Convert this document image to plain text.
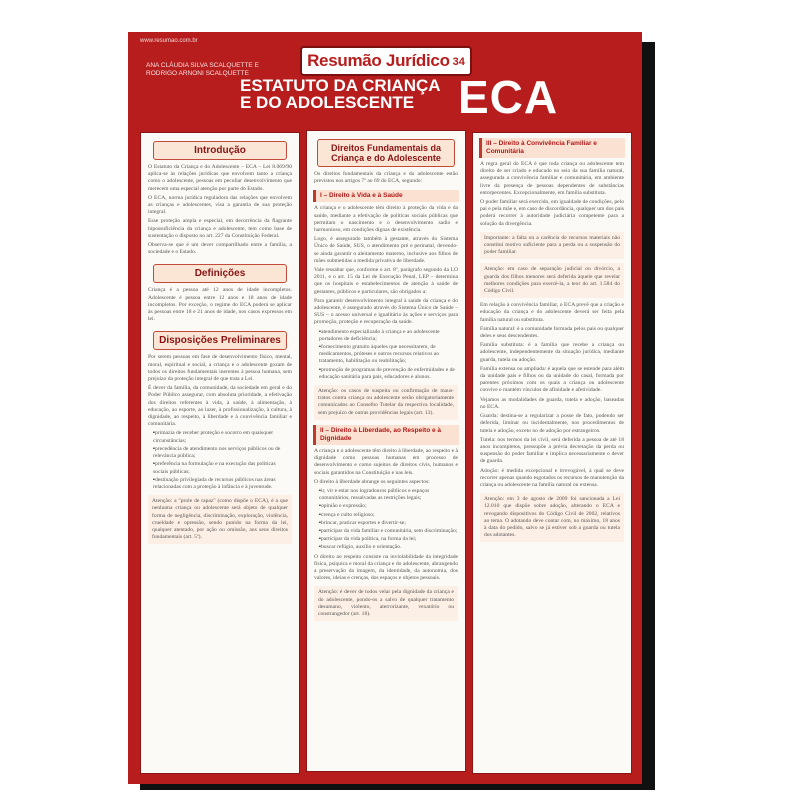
www.resumao.com.br
Resumão Jurídico 34
ANA CLÁUDIA SILVA SCALQUETTE E
RODRIGO ARNONI SCALQUETTE
ESTATUTO DA CRIANÇA
E DO ADOLESCENTE ECA
Introdução
O Estatuto da Criança e do Adolescente – ECA – Lei 8.069/90 aplica-se às relações jurídicas que envolvem tanto a criança como o adolescente, pessoas em peculiar desenvolvimento que merecem uma especial atenção por parte do Estado.
O ECA, norma jurídica reguladora das relações que envolvem as crianças e adolescentes, visa a garantia de sua proteção integral.
Esse proteção ampla e especial, em decorrência da flagrante hipossuficiência da criança e adolescente, tem como base de sustentação o disposto no art. 227 da Constituição Federal.
Observa-se que é um dever compartilhado entre a família, a sociedade e o Estado.
Definições
Criança é a pessoa até 12 anos de idade incompletos. Adolescente é pessoa entre 12 anos e 18 anos de idade incompletos. Por exceção, o regime do ECA poderá se aplicar às pessoas entre 18 e 21 anos de idade, nos casos expressos em lei.
Disposições Preliminares
Por serem pessoas em fase de desenvolvimento físico, mental, moral, espiritual e social, a criança e o adolescente gozam de todos os direitos fundamentais inerentes à pessoa humana, sem prejuízo da proteção integral de que trata a Lei.
É dever da família, da comunidade, da sociedade em geral e do Poder Público assegurar, com absoluta prioridade, a efetivação dos direitos referentes à vida, à saúde, à alimentação, à educação, ao esporte, ao lazer, à profissionalização, à cultura, à dignidade, ao respeito, à liberdade e à convivência familiar e comunitária.
▪ primazia de receber proteção e socorro em quaisquer circunstâncias;
▪ precedência de atendimento nos serviços públicos ou de relevância pública;
▪ preferência na formulação e na execução das políticas sociais públicas;
▪ destinação privilegiada de recursos públicos nas áreas relacionadas com a proteção à infância e à juventude.
Atenção: a "prole de rapaz" (como dispõe o ECA), é a que nenhuma criança ou adolescente será objeto de qualquer forma de negligência, discriminação, exploração, violência, crueldade e opressão, sendo punido na forma da lei, qualquer atentado, por ação ou omissão, aos seus direitos fundamentais (art. 5º).
Direitos Fundamentais da Criança e do Adolescente
Os direitos fundamentais da criança e do adolescente estão previstos nos artigos 7º ao 69 do ECA, segundo:
I – Direito à Vida e à Saúde
A criança e o adolescente têm direito à proteção da vida e da saúde, mediante a efetivação de políticas sociais públicas que permitam o nascimento e o desenvolvimento sadio e harmonioso, em condições dignas de existência.
Logo, é assegurado também à gestante, através do Sistema Único de Saúde, SUS, o atendimento pré e perinatal, devendo-se ainda garantir o aleitamento materno, inclusive aos filhos de mães submetidas a medida privativa de liberdade.
Vale ressaltar que, conforme o art. 8º, parágrafo segundo da LO 2011, e o art. 15 da Lei de Execução Penal, LEP – determina que os hospitais e estabelecimentos de atenção à saúde de gestantes, públicos e particulares, são obrigados a:
Para garantir desenvolvimento integral à saúde da criança e do adolescente, é assegurado através do Sistema Único de Saúde – SUS – o acesso universal e igualitário às ações e serviços para promoção, proteção e recuperação da saúde.
▪ atendimento especializado à criança e ao adolescente portadores de deficiência;
▪ fornecimento gratuito àqueles que necessitarem, de medicamentos, próteses e outros recursos relativos ao tratamento, habilitação ou reabilitação;
▪ promoção de programas de prevenção de enfermidades e de educação sanitária para pais, educadores e alunos.
Atenção: os casos de suspeita ou confirmação de maus-tratos contra criança ou adolescente serão obrigatoriamente comunicados ao Conselho Tutelar da respectiva localidade, sem prejuízo de outras providências legais (art. 13).
II – Direito à Liberdade, ao Respeito e à Dignidade
A criança e o adolescente têm direito à liberdade, ao respeito e à dignidade como pessoas humanas em processo de desenvolvimento e como sujeitos de direitos civis, humanos e sociais garantidos na Constituição e nas leis.
O direito à liberdade abrange os seguintes aspectos:
▪ ir, vir e estar nos logradouros públicos e espaços comunitários, ressalvadas as restrições legais;
▪ opinião e expressão;
▪ crença e culto religioso;
▪ brincar, praticar esportes e divertir-se;
▪ participar da vida familiar e comunitária, sem discriminação;
▪ participar da vida política, na forma da lei;
▪ buscar refúgio, auxílio e orientação.
O direito ao respeito consiste na inviolabilidade da integridade física, psíquica e moral da criança e do adolescente, abrangendo a preservação da imagem, da identidade, da autonomia, dos valores, ideias e crenças, dos espaços e objetos pessoais.
Atenção: é dever de todos velar pela dignidade da criança e do adolescente, pondo-os a salvo de qualquer tratamento desumano, violento, aterrorizante, vexatório ou constrangedor (art. 18).
III – Direito à Convivência Familiar e Comunitária
A regra geral do ECA é que toda criança ou adolescente tem direito de ser criado e educado no seio da sua família natural, assegurada a convivência familiar e comunitária, em ambiente livre da presença de pessoas dependentes de substâncias entorpecentes. Excepcionalmente, em família substituta.
O poder familiar será exercido, em igualdade de condições, pelo pai e pela mãe e, em caso de discordância, qualquer um dos pais poderá recorrer à autoridade judiciária competente para a solução da divergência.
Importante: a falta ou a carência de recursos materiais não constitui motivo suficiente para a perda ou a suspensão do poder familiar.
Atenção: em caso de separação judicial ou divórcio, a guarda dos filhos menores será deferida àquele que revelar melhores condições para exercê-la, a teor do art. 1.584 do Código Civil.
Em relação à convivência familiar, o ECA prevê que a criação e educação da criança e do adolescente deverá ser feita pela família natural ou substituta.
Família natural: é a comunidade formada pelos pais ou qualquer deles e seus descendentes.
Família substituta: é a família que recebe a criança ou adolescente, independentemente da situação jurídica, mediante guarda, tutela ou adoção.
Família extensa ou ampliada: é aquela que se estende para além da unidade pais e filhos ou da unidade do casal, formada por parentes próximos com os quais a criança ou adolescente convive e mantém vínculos de afinidade e afetividade.
Vejamos as modalidades de guarda, tutela e adoção, baseadas no ECA.
Guarda: destina-se a regularizar a posse de fato, podendo ser deferida, liminar ou incidentalmente, nos procedimentos de tutela e adoção, exceto no de adoção por estrangeiros.
Tutela: nos termos da lei civil, será deferida a pessoa de até 18 anos incompletos, pressupõe a prévia decretação da perda ou suspensão do poder familiar e implica necessariamente o dever de guarda.
Adoção: é medida excepcional e irrevogável, à qual se deve recorrer apenas quando esgotados os recursos de manutenção da criança ou adolescente na família natural ou extensa.
Atenção: em 3 de agosto de 2009 foi sancionada a Lei 12.010 que dispõe sobre adoção, alterando o ECA e revogando dispositivos do Código Civil de 2002, relativos ao tema. O adotando deve contar com, no máximo, 18 anos à data do pedido, salvo se já estiver sob a guarda ou tutela dos adotantes.
